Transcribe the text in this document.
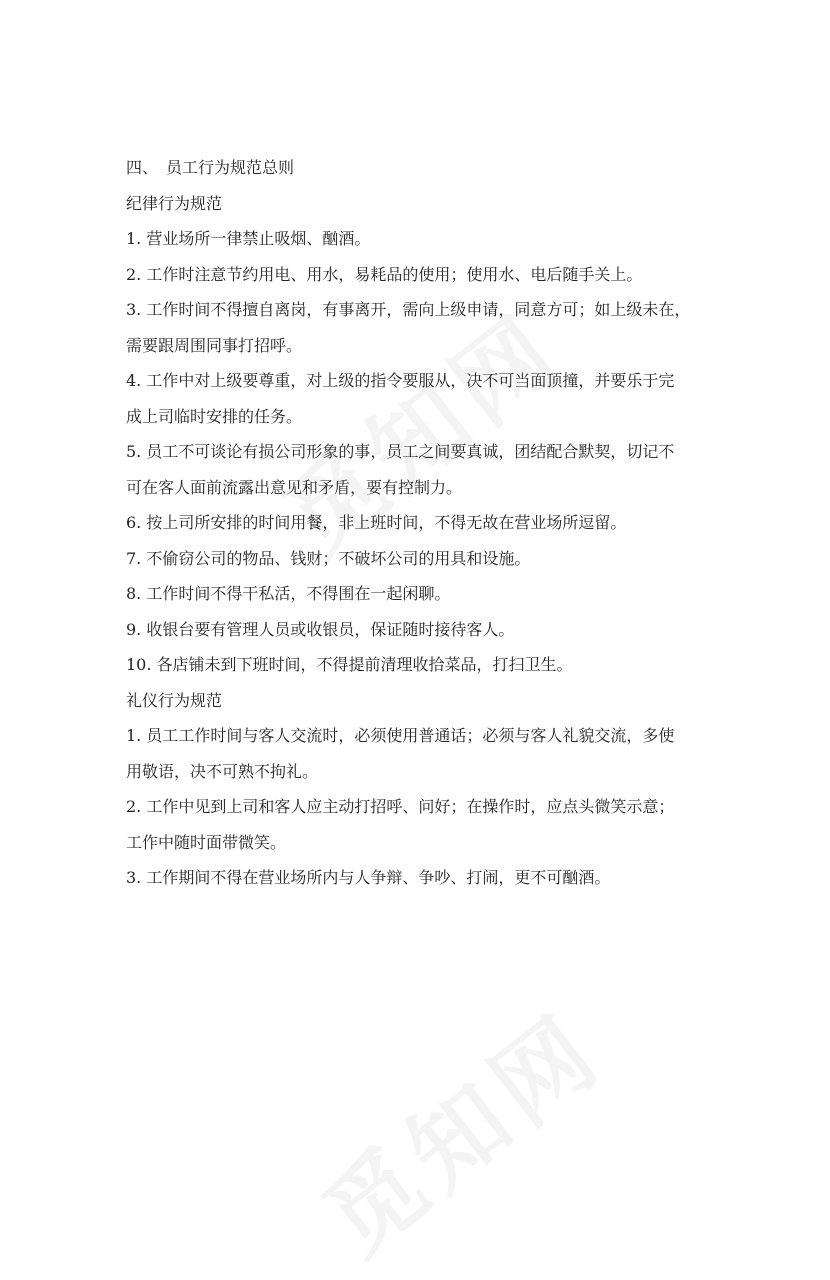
四、 员工行为规范总则

纪律行为规范

1. 营业场所一律禁止吸烟、酗酒。

2. 工作时注意节约用电、用水，易耗品的使用；使用水、电后随手关上。

3. 工作时间不得擅自离岗，有事离开，需向上级申请，同意方可；如上级未在，

需要跟周围同事打招呼。

4. 工作中对上级要尊重，对上级的指令要服从，决不可当面顶撞，并要乐于完

成上司临时安排的任务。

5. 员工不可谈论有损公司形象的事，员工之间要真诚，团结配合默契，切记不

可在客人面前流露出意见和矛盾，要有控制力。

6. 按上司所安排的时间用餐，非上班时间，不得无故在营业场所逗留。

7. 不偷窃公司的物品、钱财；不破坏公司的用具和设施。

8. 工作时间不得干私活，不得围在一起闲聊。

9. 收银台要有管理人员或收银员，保证随时接待客人。

10. 各店铺未到下班时间，不得提前清理收拾菜品，打扫卫生。

礼仪行为规范

1. 员工工作时间与客人交流时，必须使用普通话；必须与客人礼貌交流，多使

用敬语，决不可熟不拘礼。

2. 工作中见到上司和客人应主动打招呼、问好；在操作时，应点头微笑示意；

工作中随时面带微笑。

3. 工作期间不得在营业场所内与人争辩、争吵、打闹，更不可酗酒。
